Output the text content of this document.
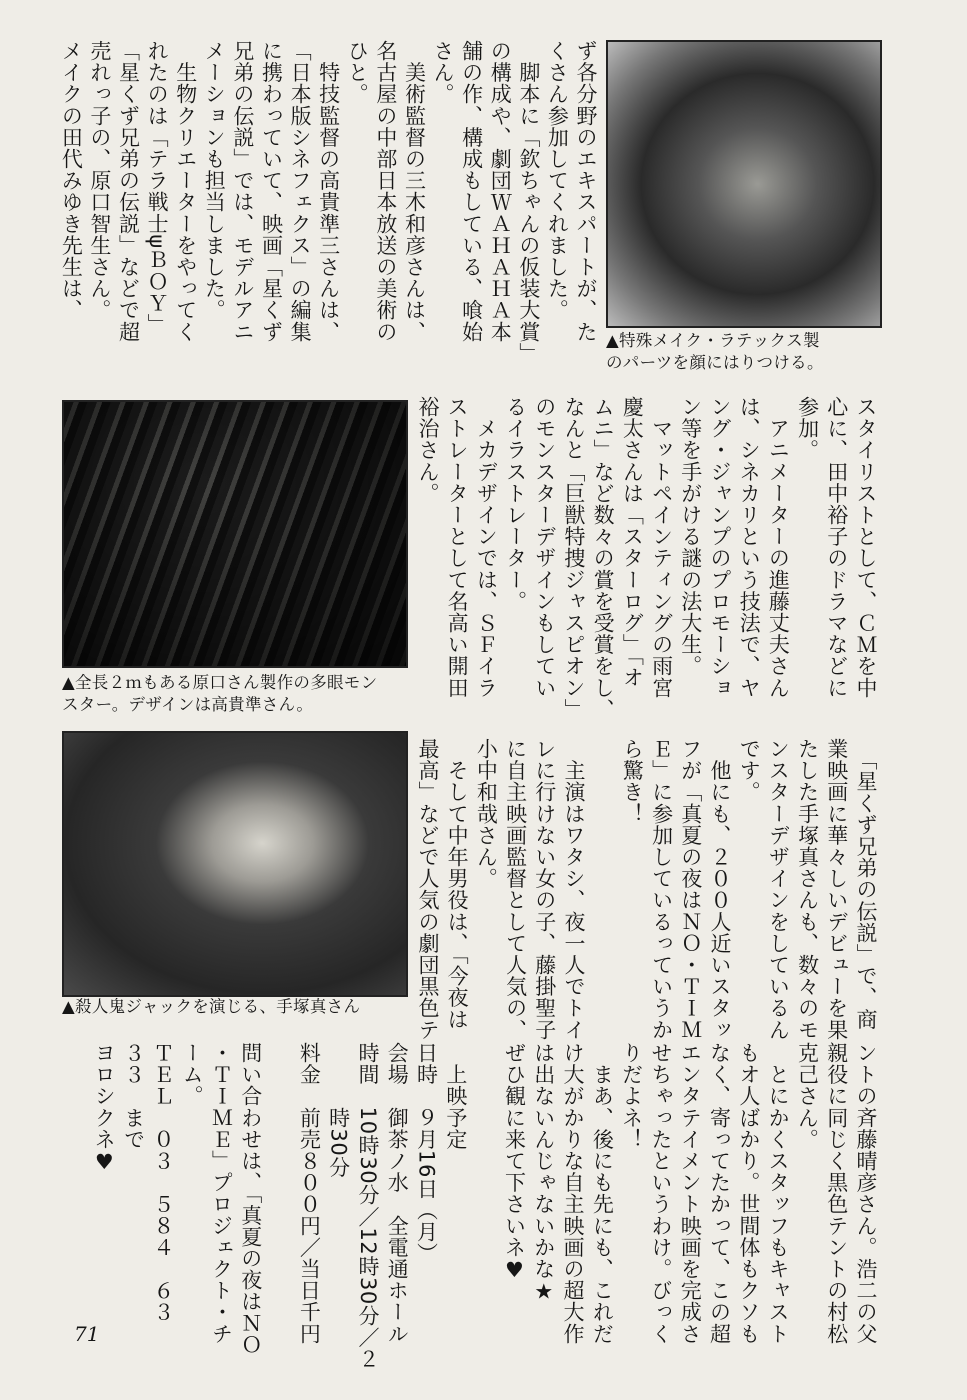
▲特殊メイク・ラテックス製
のパーツを顔にはりつける。
▲全長２ｍもある原口さん製作の多眼モン
スター。デザインは高貴準さん。
▲殺人鬼ジャックを演じる、手塚真さん
ず各分野のエキスパートが、た
くさん参加してくれました。
　脚本に「欽ちゃんの仮装大賞」
の構成や、劇団ＷＡＨＡＨＡ本
舗の作、構成もしている、喰始
さん。
　美術監督の三木和彦さんは、
名古屋の中部日本放送の美術の
ひと。
　特技監督の高貴準三さんは、
「日本版シネフェクス」の編集
に携わっていて、映画「星くず
兄弟の伝説」では、モデルアニ
メーションも担当しました。
　生物クリエーターをやってく
れたのは「テラ戦士ψＢＯＹ」
「星くず兄弟の伝説」などで超
売れっ子の、原口智生さん。
メイクの田代みゆき先生は、
スタイリストとして、ＣＭを中
心に、田中裕子のドラマなどに
参加。
　アニメーターの進藤丈夫さん
は、シネカリという技法で、ヤ
ング・ジャンプのプロモーショ
ン等を手がける謎の法大生。
　マットペインティングの雨宮
慶太さんは「スターログ」「オ
ムニ」など数々の賞を受賞をし、
なんと「巨獣特捜ジャスピオン」
のモンスターデザインもしてい
るイラストレーター。
　メカデザインでは、ＳＦイラ
ストレーターとして名高い開田
裕治さん。
　「星くず兄弟の伝説」で、商
業映画に華々しいデビューを果
たした手塚真さんも、数々のモ
ンスターデザインをしているん
です。
　他にも、２００人近いスタッ
フが「真夏の夜はＮＯ・ＴＩＭ
Ｅ」に参加しているっていうか
ら驚き！

　主演はワタシ、夜一人でトイ
レに行けない女の子、藤掛聖子
に自主映画監督として人気の、
小中和哉さん。
　そして中年男役は、「今夜は
最高」などで人気の劇団黒色テ
ントの斉藤晴彦さん。浩二の父
親役に同じく黒色テントの村松
克己さん。
　とにかくスタッフもキャスト
もオ人ばかり。世間体もクソも
なく、寄ってたかって、この超
エンタテイメント映画を完成さ
せちゃったというわけ。びっく
りだよネ！
　まあ、後にも先にも、これだ
け大がかりな自主映画の超大作
は出ないんじゃないかな★
ぜひ観に来て下さいネ♥

　上映予定
日時　９月16日（月）
会場　御茶ノ水　全電通ホール
時間　10時30分／12時30分／２
　　　時30分
料金　前売８００円／当日千円

問い合わせは、「真夏の夜はＮＯ
・ＴＩＭＥ」プロジェクト・チ
ーム。
ＴＥＬ　０３　５８４　６３
３３　まで
ヨロシクネ♥
71
